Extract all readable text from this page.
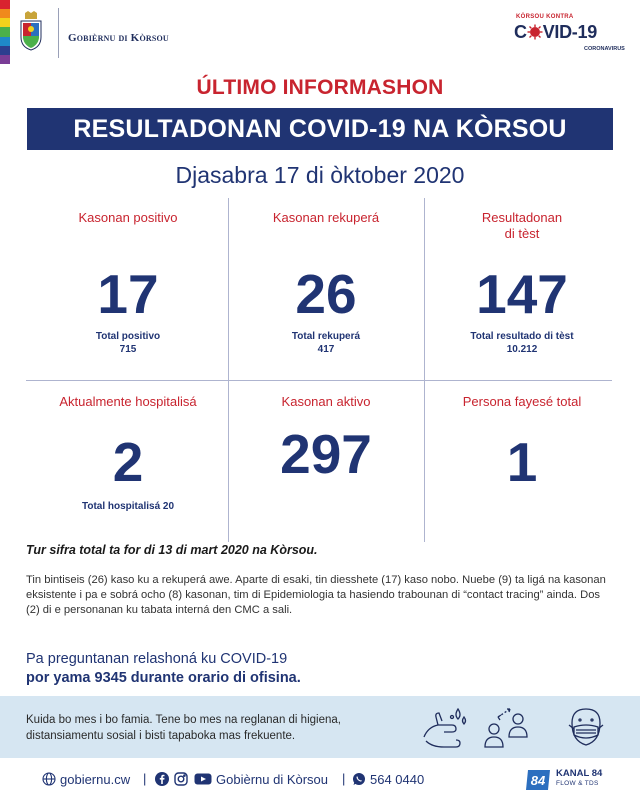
Gobièrnu di Kòrsou
KÒRSOU KONTRA
C VID-19
CORONAVIRUS
ÚLTIMO INFORMASHON
RESULTADONAN COVID-19 NA KÒRSOU
Djasabra 17 di òktober 2020
Kasonan positivo
17
Total positivo
715
Kasonan rekuperá
26
Total rekuperá
417
Resultadonan
di tèst
147
Total resultado di tèst
10.212
Aktualmente hospitalisá
2
Total hospitalisá 20
Kasonan aktivo
297
Persona fayesé total
1
Tur sifra total ta for di 13 di mart 2020 na Kòrsou.
Tin bintiseis (26) kaso ku a rekuperá awe. Aparte di esaki, tin diesshete (17) kaso nobo. Nuebe (9) ta ligá na kasonan eksistente i pa e sobrá ocho (8) kasonan, tim di Epidemiologia ta hasiendo trabounan di “contact tracing” ainda. Dos (2) di e personanan ku tabata interná den CMC a sali.
Pa preguntanan relashoná ku COVID-19
por yama 9345 durante orario di ofisina.
Kuida bo mes i bo famia. Tene bo mes na reglanan di higiena,
distansiamentu sosial i bisti tapaboka mas frekuente.
gobiernu.cw |	Gobièrnu di Kòrsou | 564 0440	84 KANAL 84
FLOW & TDS
